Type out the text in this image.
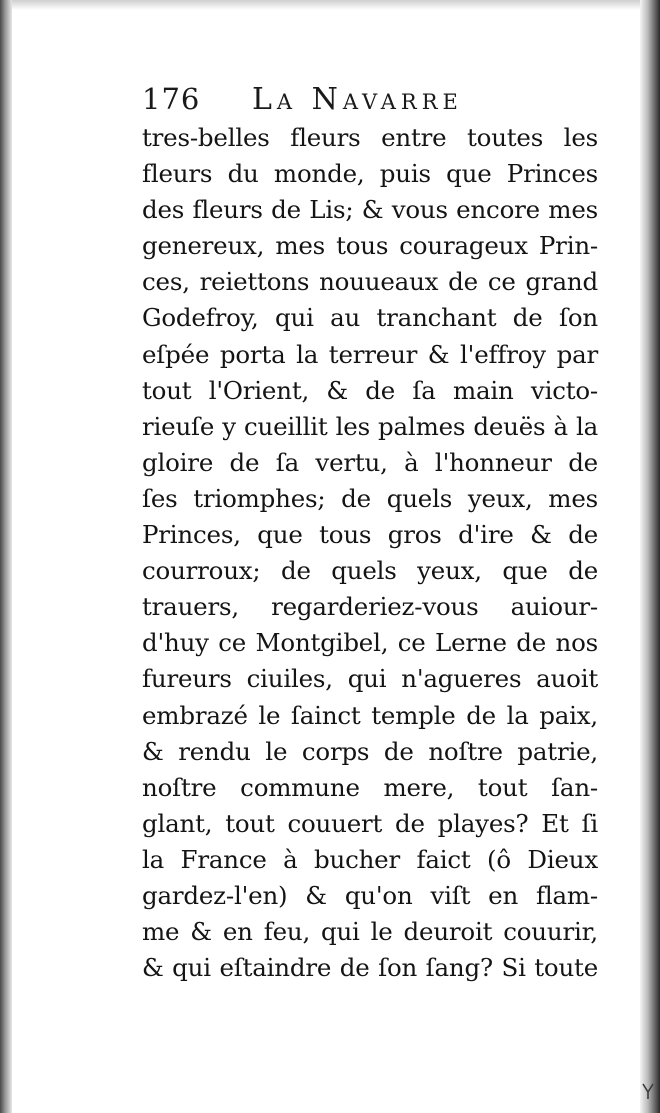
176 La Navarre
tres-belles fleurs entre toutes les
fleurs du monde, puis que Princes
des fleurs de Lis; & vous encore mes
genereux, mes tous courageux Prin-
ces, reiettons nouueaux de ce grand
Godefroy, qui au tranchant de ſon
eſpée porta la terreur & l'effroy par
tout l'Orient, & de ſa main victo-
rieuſe y cueillit les palmes deuës à la
gloire de ſa vertu, à l'honneur de
ſes triomphes; de quels yeux, mes
Princes, que tous gros d'ire & de
courroux; de quels yeux, que de
trauers, regarderiez-vous auiour-
d'huy ce Montgibel, ce Lerne de nos
fureurs ciuiles, qui n'agueres auoit
embrazé le ſainct temple de la paix,
& rendu le corps de noſtre patrie,
noſtre commune mere, tout ſan-
glant, tout couuert de playes? Et ſi
la France à bucher faict (ô Dieux
gardez-l'en) & qu'on viſt en flam-
me & en feu, qui le deuroit couurir,
& qui eſtaindre de ſon ſang? Si toute
